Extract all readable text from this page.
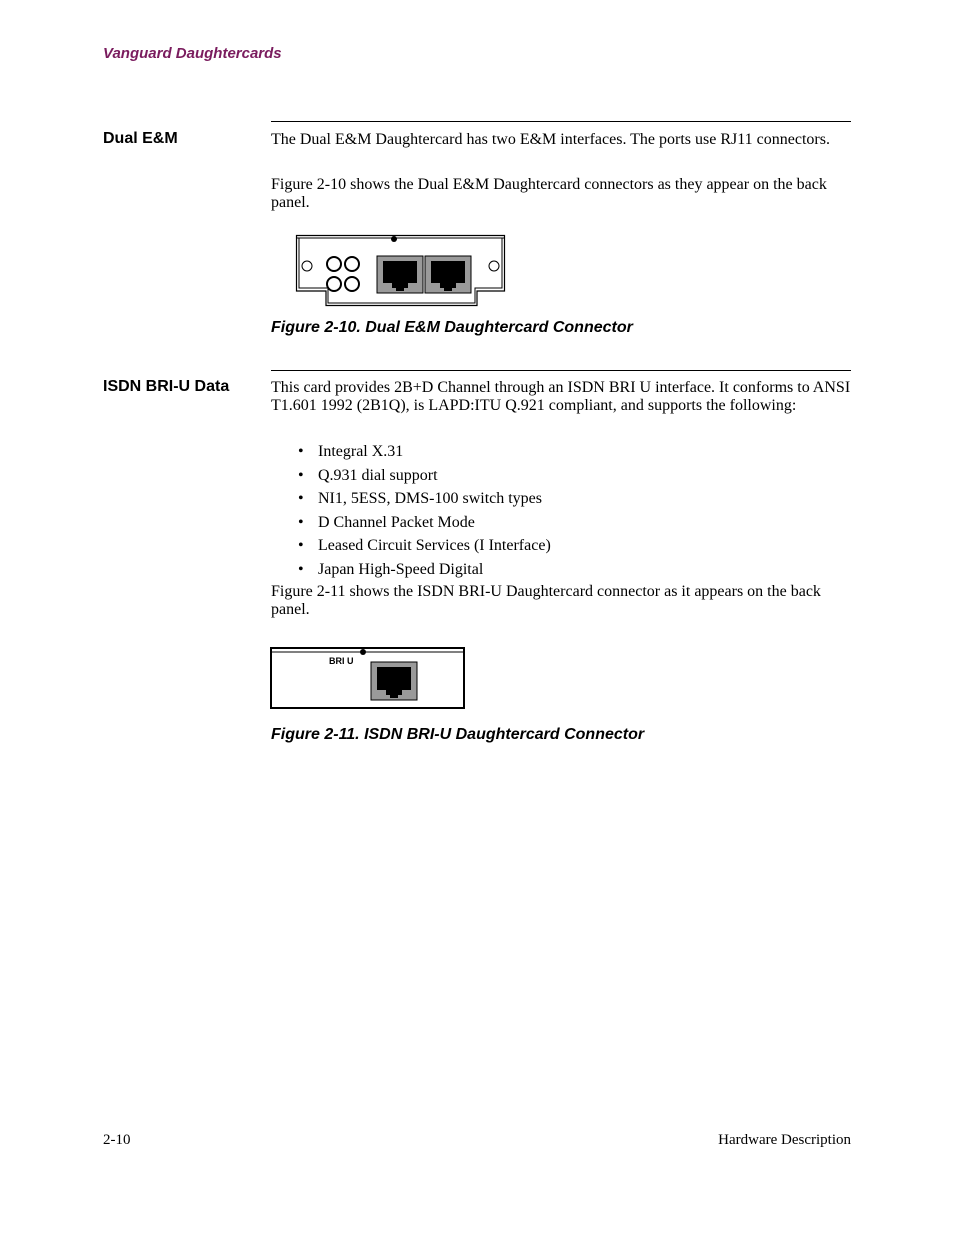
Vanguard Daughtercards
Dual E&M	The Dual E&M Daughtercard has two E&M interfaces. The ports use RJ11 connectors.

Figure 2-10 shows the Dual E&M Daughtercard connectors as they appear on the back panel.

Figure 2-10. Dual E&M Daughtercard Connector
ISDN BRI-U Data	This card provides 2B+D Channel through an ISDN BRI U interface. It conforms to ANSI T1.601 1992 (2B1Q), is LAPD:ITU Q.921 compliant, and supports the following:

• Integral X.31
• Q.931 dial support
• NI1, 5ESS, DMS-100 switch types
• D Channel Packet Mode
• Leased Circuit Services (I Interface)
• Japan High-Speed Digital

Figure 2-11 shows the ISDN BRI-U Daughtercard connector as it appears on the back panel.

BRI U
Figure 2-11. ISDN BRI-U Daughtercard Connector
2-10	Hardware Description
